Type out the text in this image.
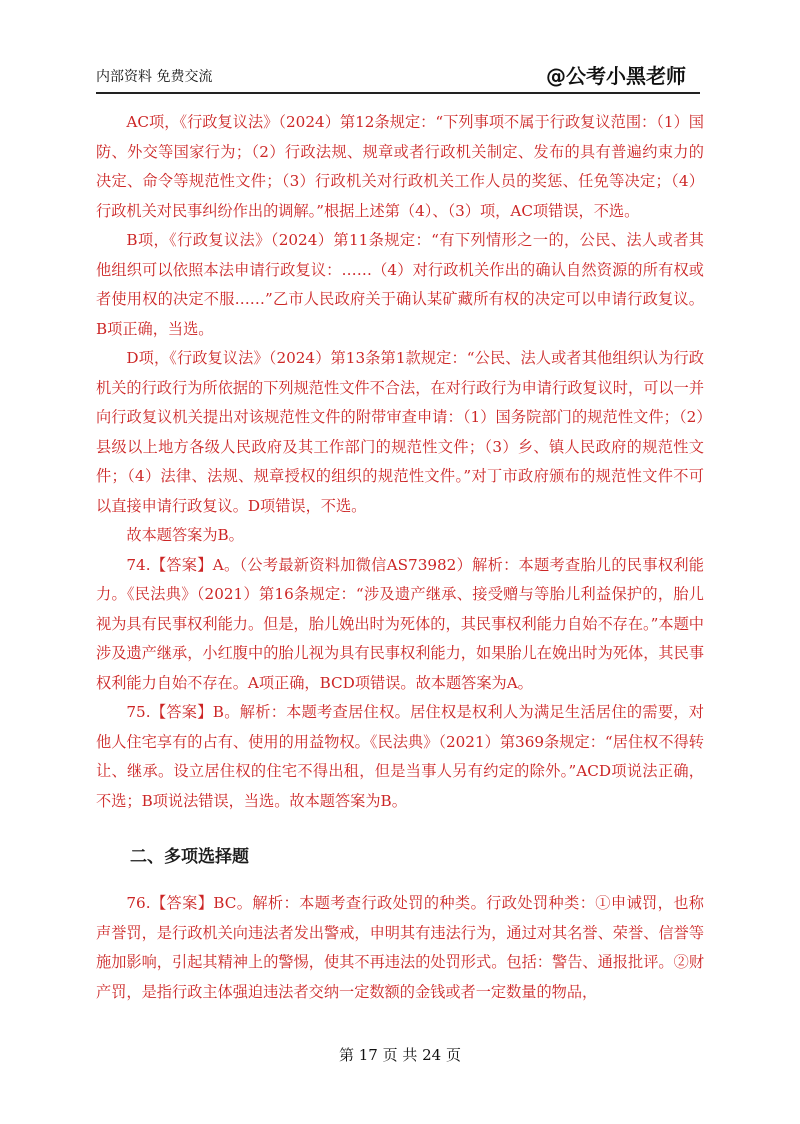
内部资料 免费交流	@公考小黑老师

AC项，《行政复议法》（2024）第12条规定：“下列事项不属于行政复议范围：（1）国防、外交等国家行为；（2）行政法规、规章或者行政机关制定、发布的具有普遍约束力的决定、命令等规范性文件；（3）行政机关对行政机关工作人员的奖惩、任免等决定；（4）行政机关对民事纠纷作出的调解。”根据上述第（4）、（3）项，AC项错误，不选。

B项，《行政复议法》（2024）第11条规定：“有下列情形之一的，公民、法人或者其他组织可以依照本法申请行政复议：……（4）对行政机关作出的确认自然资源的所有权或者使用权的决定不服……”乙市人民政府关于确认某矿藏所有权的决定可以申请行政复议。B项正确，当选。

D项，《行政复议法》（2024）第13条第1款规定：“公民、法人或者其他组织认为行政机关的行政行为所依据的下列规范性文件不合法，在对行政行为申请行政复议时，可以一并向行政复议机关提出对该规范性文件的附带审查申请：（1）国务院部门的规范性文件；（2）县级以上地方各级人民政府及其工作部门的规范性文件；（3）乡、镇人民政府的规范性文件；（4）法律、法规、规章授权的组织的规范性文件。”对丁市政府颁布的规范性文件不可以直接申请行政复议。D项错误，不选。

故本题答案为B。

74.【答案】A。（公考最新资料加微信AS73982）解析：本题考查胎儿的民事权利能力。《民法典》（2021）第16条规定：“涉及遗产继承、接受赠与等胎儿利益保护的，胎儿视为具有民事权利能力。但是，胎儿娩出时为死体的，其民事权利能力自始不存在。”本题中涉及遗产继承，小红腹中的胎儿视为具有民事权利能力，如果胎儿在娩出时为死体，其民事权利能力自始不存在。A项正确，BCD项错误。故本题答案为A。

75.【答案】B。解析：本题考查居住权。居住权是权利人为满足生活居住的需要，对他人住宅享有的占有、使用的用益物权。《民法典》（2021）第369条规定：“居住权不得转让、继承。设立居住权的住宅不得出租，但是当事人另有约定的除外。”ACD项说法正确，不选；B项说法错误，当选。故本题答案为B。

二、多项选择题

76.【答案】BC。解析：本题考查行政处罚的种类。行政处罚种类：①申诫罚，也称声誉罚，是行政机关向违法者发出警戒，申明其有违法行为，通过对其名誉、荣誉、信誉等施加影响，引起其精神上的警惕，使其不再违法的处罚形式。包括：警告、通报批评。②财产罚，是指行政主体强迫违法者交纳一定数额的金钱或者一定数量的物品，

第 17 页 共 24 页
